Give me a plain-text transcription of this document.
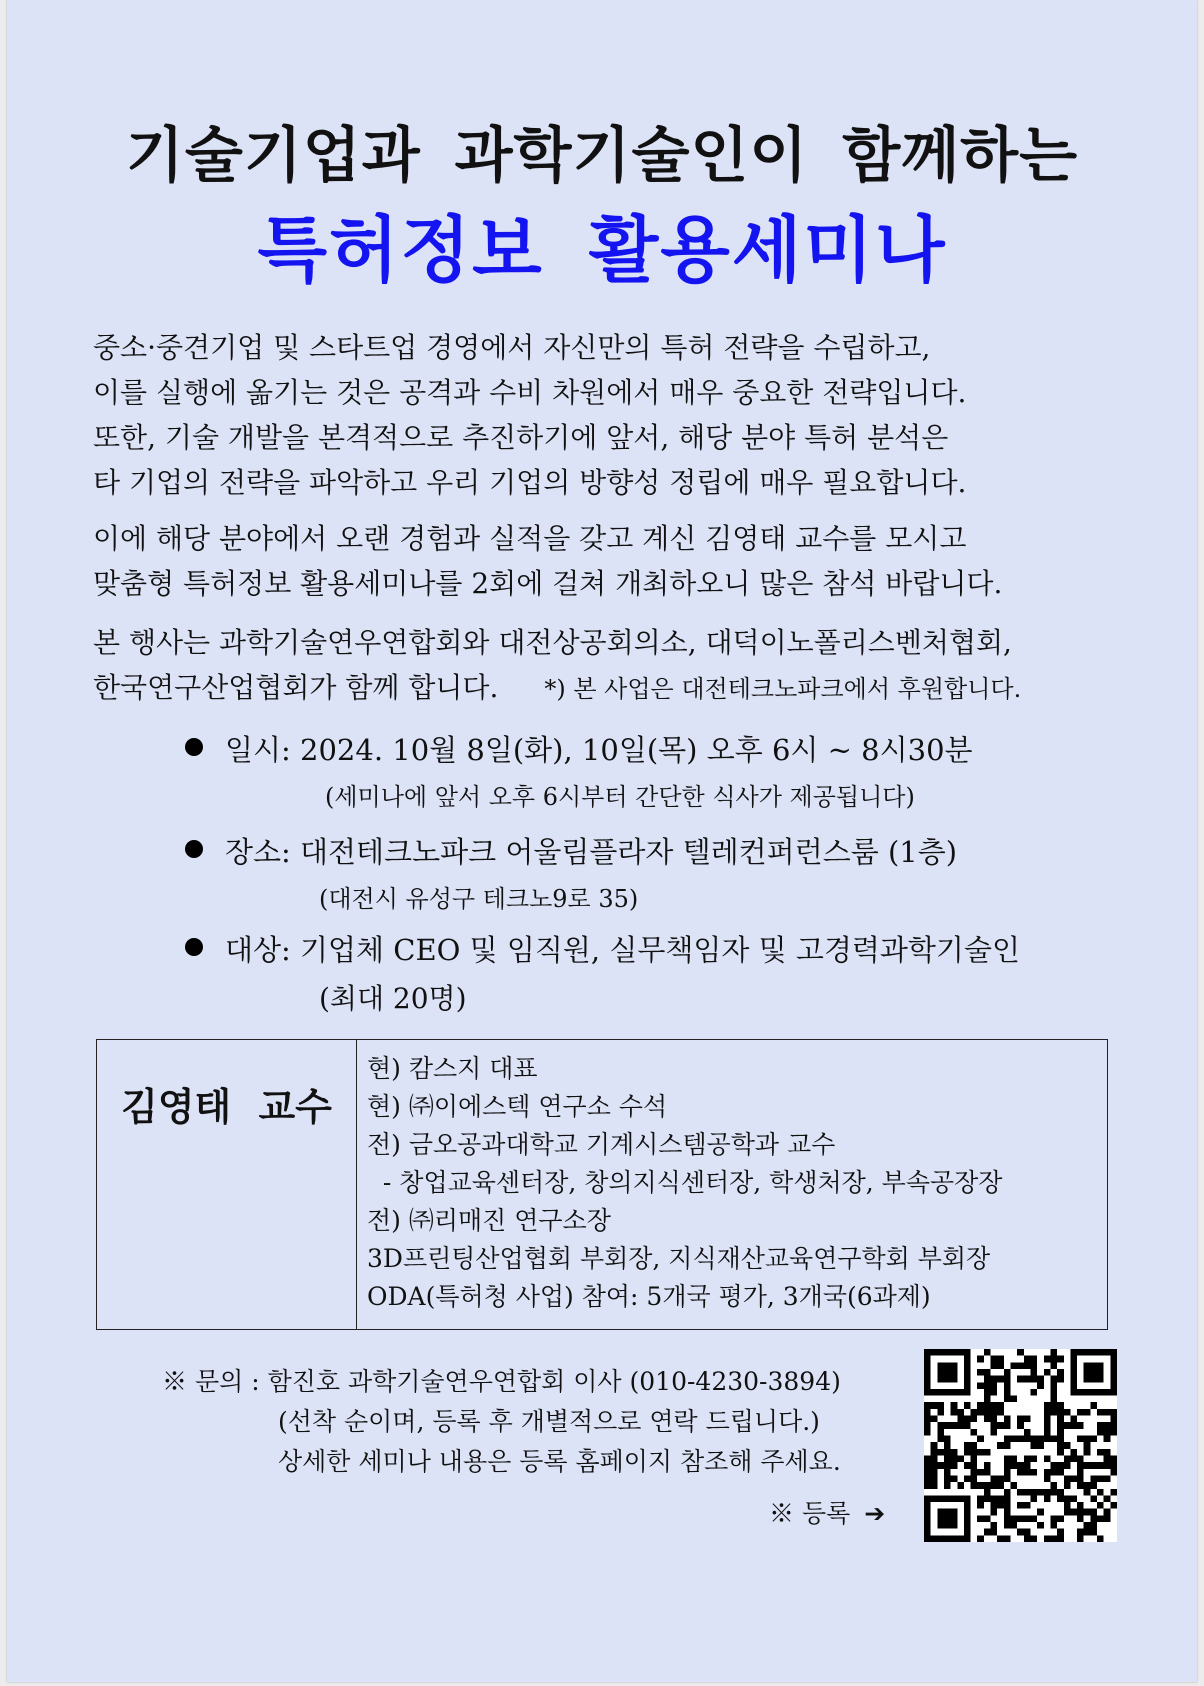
기술기업과 과학기술인이 함께하는
특허정보 활용세미나
중소·중견기업 및 스타트업 경영에서 자신만의 특허 전략을 수립하고,
이를 실행에 옮기는 것은 공격과 수비 차원에서 매우 중요한 전략입니다.
또한, 기술 개발을 본격적으로 추진하기에 앞서, 해당 분야 특허 분석은
타 기업의 전략을 파악하고 우리 기업의 방향성 정립에 매우 필요합니다.
이에 해당 분야에서 오랜 경험과 실적을 갖고 계신 김영태 교수를 모시고
맞춤형 특허정보 활용세미나를 2회에 걸쳐 개최하오니 많은 참석 바랍니다.
본 행사는 과학기술연우연합회와 대전상공회의소, 대덕이노폴리스벤처협회,
한국연구산업협회가 함께 합니다. *) 본 사업은 대전테크노파크에서 후원합니다.
일시: 2024. 10월 8일(화), 10일(목) 오후 6시 ~ 8시30분
(세미나에 앞서 오후 6시부터 간단한 식사가 제공됩니다)
장소: 대전테크노파크 어울림플라자 텔레컨퍼런스룸 (1층)
(대전시 유성구 테크노9로 35)
대상: 기업체 CEO 및 임직원, 실무책임자 및 고경력과학기술인
(최대 20명)
김영태 교수
현) 캄스지 대표
현) ㈜이에스텍 연구소 수석
전) 금오공과대학교 기계시스템공학과 교수
- 창업교육센터장, 창의지식센터장, 학생처장, 부속공장장
전) ㈜리매진 연구소장
3D프린팅산업협회 부회장, 지식재산교육연구학회 부회장
ODA(특허청 사업) 참여: 5개국 평가, 3개국(6과제)
※ 문의 : 함진호 과학기술연우연합회 이사 (010-4230-3894)
(선착 순이며, 등록 후 개별적으로 연락 드립니다.)
상세한 세미나 내용은 등록 홈페이지 참조해 주세요.
※ 등록 ➔
